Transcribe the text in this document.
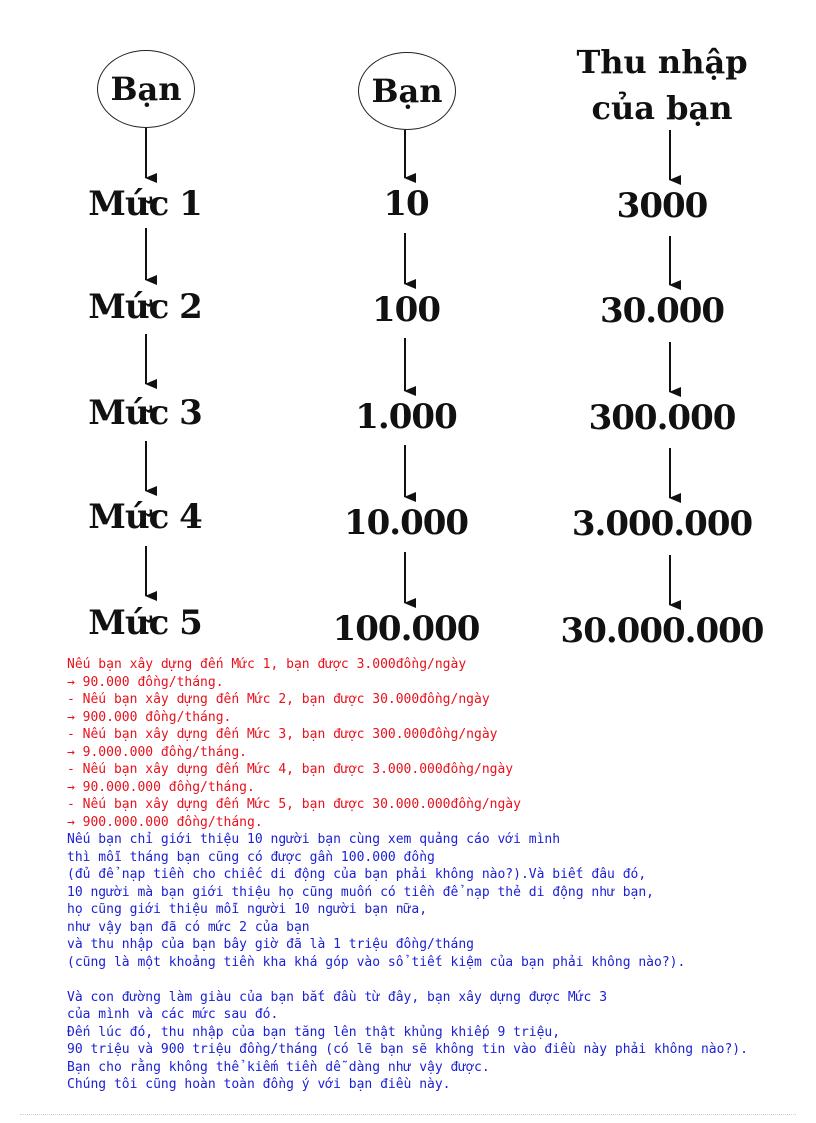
Bạn
Mức 1
Mức 2
Mức 3
Mức 4
Mức 5
Bạn
10
100
1.000
10.000
100.000
Thu nhập
của bạn
3000
30.000
300.000
3.000.000
30.000.000
Nếu bạn xây dựng đến Mức 1, bạn được 3.000đồng/ngày
→ 90.000 đồng/tháng.
- Nếu bạn xây dựng đến Mức 2, bạn được 30.000đồng/ngày
→ 900.000 đồng/tháng.
- Nếu bạn xây dựng đến Mức 3, bạn được 300.000đồng/ngày
→ 9.000.000 đồng/tháng.
- Nếu bạn xây dựng đến Mức 4, bạn được 3.000.000đồng/ngày
→ 90.000.000 đồng/tháng.
- Nếu bạn xây dựng đến Mức 5, bạn được 30.000.000đồng/ngày
→ 900.000.000 đồng/tháng.
Nếu bạn chỉ giới thiệu 10 người bạn cùng xem quảng cáo với mình
thì mỗi tháng bạn cũng có được gần 100.000 đồng
(đủ để nạp tiền cho chiếc di động của bạn phải không nào?).Và biết đâu đó,
10 người mà bạn giới thiệu họ cũng muốn có tiền để nạp thẻ di động như bạn,
họ cũng giới thiệu mỗi người 10 người bạn nữa,
như vậy bạn đã có mức 2 của bạn
và thu nhập của bạn bây giờ đã là 1 triệu đồng/tháng
(cũng là một khoảng tiền kha khá góp vào sổ tiết kiệm của bạn phải không nào?).
Và con đường làm giàu của bạn bắt đầu từ đây, bạn xây dựng được Mức 3
của mình và các mức sau đó.
Đến lúc đó, thu nhập của bạn tăng lên thật khủng khiếp 9 triệu,
90 triệu và 900 triệu đồng/tháng (có lẽ bạn sẽ không tin vào điều này phải không nào?).
Bạn cho rằng không thể kiếm tiền dễ dàng như vậy được.
Chúng tôi cũng hoàn toàn đồng ý với bạn điều này.
